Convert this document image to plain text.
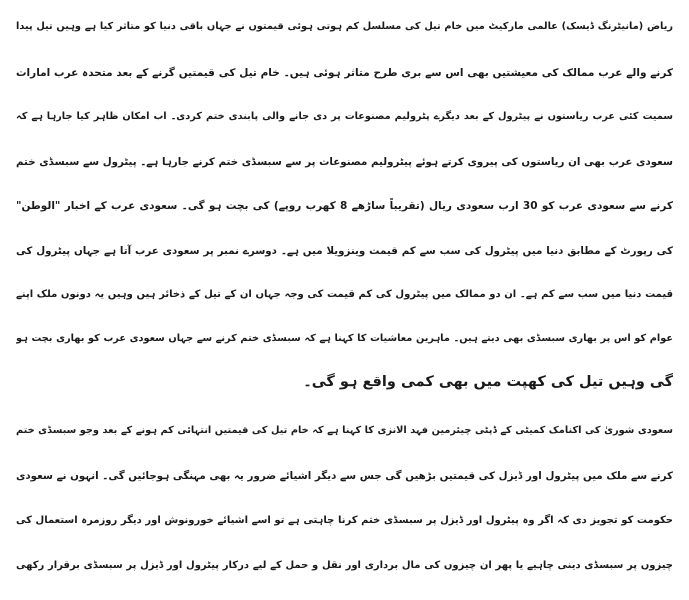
ریاض (مانیٹرنگ ڈیسک) عالمی مارکیٹ میں خام تیل کی مسلسل کم ہوتی ہوئی قیمتوں نے جہاں باقی دنیا کو متاثر کیا ہے وہیں تیل پیدا
کرنے والے عرب ممالک کی معیشتیں بھی اس سے بری طرح متاثر ہوئی ہیں۔ خام تیل کی قیمتیں گرنے کے بعد متحدہ عرب امارات
سمیت کئی عرب ریاستوں نے پیٹرول کے بعد دیگرے پٹرولیم مصنوعات پر دی جانے والی پابندی ختم کردی۔ اب امکان ظاہر کیا جارہا ہے کہ
سعودی عرب بھی ان ریاستوں کی پیروی کرتے ہوئے پیٹرولیم مصنوعات پر سے سبسڈی ختم کرنے جارہا ہے۔ پیٹرول سے سبسڈی ختم
کرنے سے سعودی عرب کو 30 ارب سعودی ریال (تقریباً ساڑھے 8 کھرب روپے) کی بچت ہو گی۔ سعودی عرب کے اخبار "الوطن"
کی رپورٹ کے مطابق دنیا میں پیٹرول کی سب سے کم قیمت وینزویلا میں ہے۔ دوسرے نمبر پر سعودی عرب آتا ہے جہاں پیٹرول کی
قیمت دنیا میں سب سے کم ہے۔ ان دو ممالک میں پیٹرول کی کم قیمت کی وجہ جہاں ان کے تیل کے ذخائر ہیں وہیں یہ دونوں ملک اپنے
عوام کو اس پر بھاری سبسڈی بھی دیتے ہیں۔ ماہرین معاشیات کا کہنا ہے کہ سبسڈی ختم کرنے سے جہاں سعودی عرب کو بھاری بچت ہو
گی وہیں تیل کی کھپت میں بھی کمی واقع ہو گی۔
سعودی شوریٰ کی اکنامک کمیٹی کے ڈپٹی چیئرمین فہد الانزی کا کہنا ہے کہ خام تیل کی قیمتیں انتہائی کم ہونے کے بعد وجو سبسڈی ختم
کرنے سے ملک میں پیٹرول اور ڈیزل کی قیمتیں بڑھیں گی جس سے دیگر اشیائے ضرور یہ بھی مہنگی ہوجائیں گی۔ انہوں نے سعودی
حکومت کو تجویز دی کہ اگر وہ پیٹرول اور ڈیزل پر سبسڈی ختم کرنا چاہتی ہے تو اسے اشیائے خورونوش اور دیگر روزمرہ استعمال کی
چیزوں پر سبسڈی دینی چاہیے یا پھر ان چیزوں کی مال برداری اور نقل و حمل کے لیے درکار پیٹرول اور ڈیزل پر سبسڈی برقرار رکھی
